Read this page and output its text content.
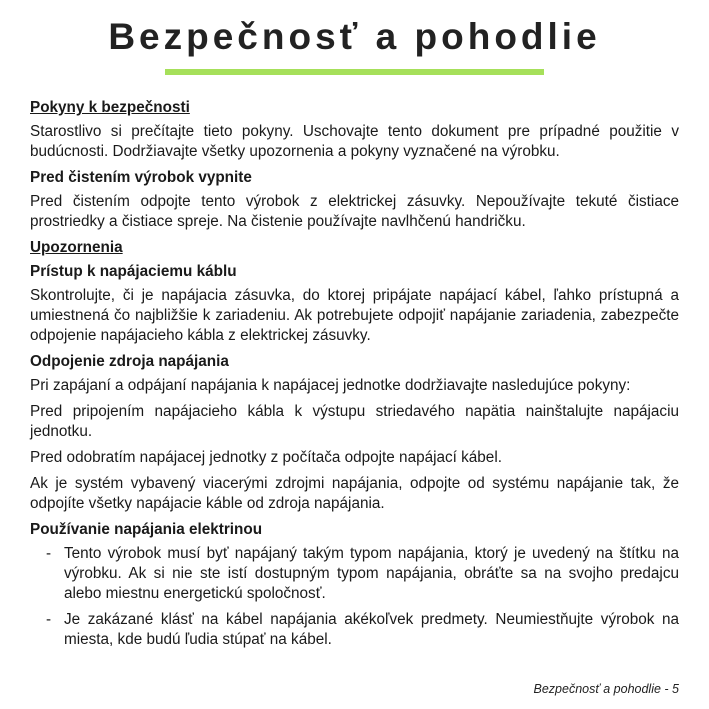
Bezpečnosť a pohodlie
Pokyny k bezpečnosti

Starostlivo si prečítajte tieto pokyny. Uschovajte tento dokument pre prípadné použitie v budúcnosti. Dodržiavajte všetky upozornenia a pokyny vyznačené na výrobku.

Pred čistením výrobok vypnite

Pred čistením odpojte tento výrobok z elektrickej zásuvky. Nepoužívajte tekuté čistiace prostriedky a čistiace spreje. Na čistenie používajte navlhčenú handričku.

Upozornenia
Prístup k napájaciemu káblu

Skontrolujte, či je napájacia zásuvka, do ktorej pripájate napájací kábel, ľahko prístupná a umiestnená čo najbližšie k zariadeniu. Ak potrebujete odpojiť napájanie zariadenia, zabezpečte odpojenie napájacieho kábla z elektrickej zásuvky.

Odpojenie zdroja napájania

Pri zapájaní a odpájaní napájania k napájacej jednotke dodržiavajte nasledujúce pokyny:

Pred pripojením napájacieho kábla k výstupu striedavého napätia nainštalujte napájaciu jednotku.

Pred odobratím napájacej jednotky z počítača odpojte napájací kábel.

Ak je systém vybavený viacerými zdrojmi napájania, odpojte od systému napájanie tak, že odpojíte všetky napájacie káble od zdroja napájania.

Používanie napájania elektrinou
- Tento výrobok musí byť napájaný takým typom napájania, ktorý je uvedený na štítku na výrobku. Ak si nie ste istí dostupným typom napájania, obráťte sa na svojho predajcu alebo miestnu energetickú spoločnosť.
- Je zakázané klásť na kábel napájania akékoľvek predmety. Neumiestňujte výrobok na miesta, kde budú ľudia stúpať na kábel.
Bezpečnosť a pohodlie - 5
